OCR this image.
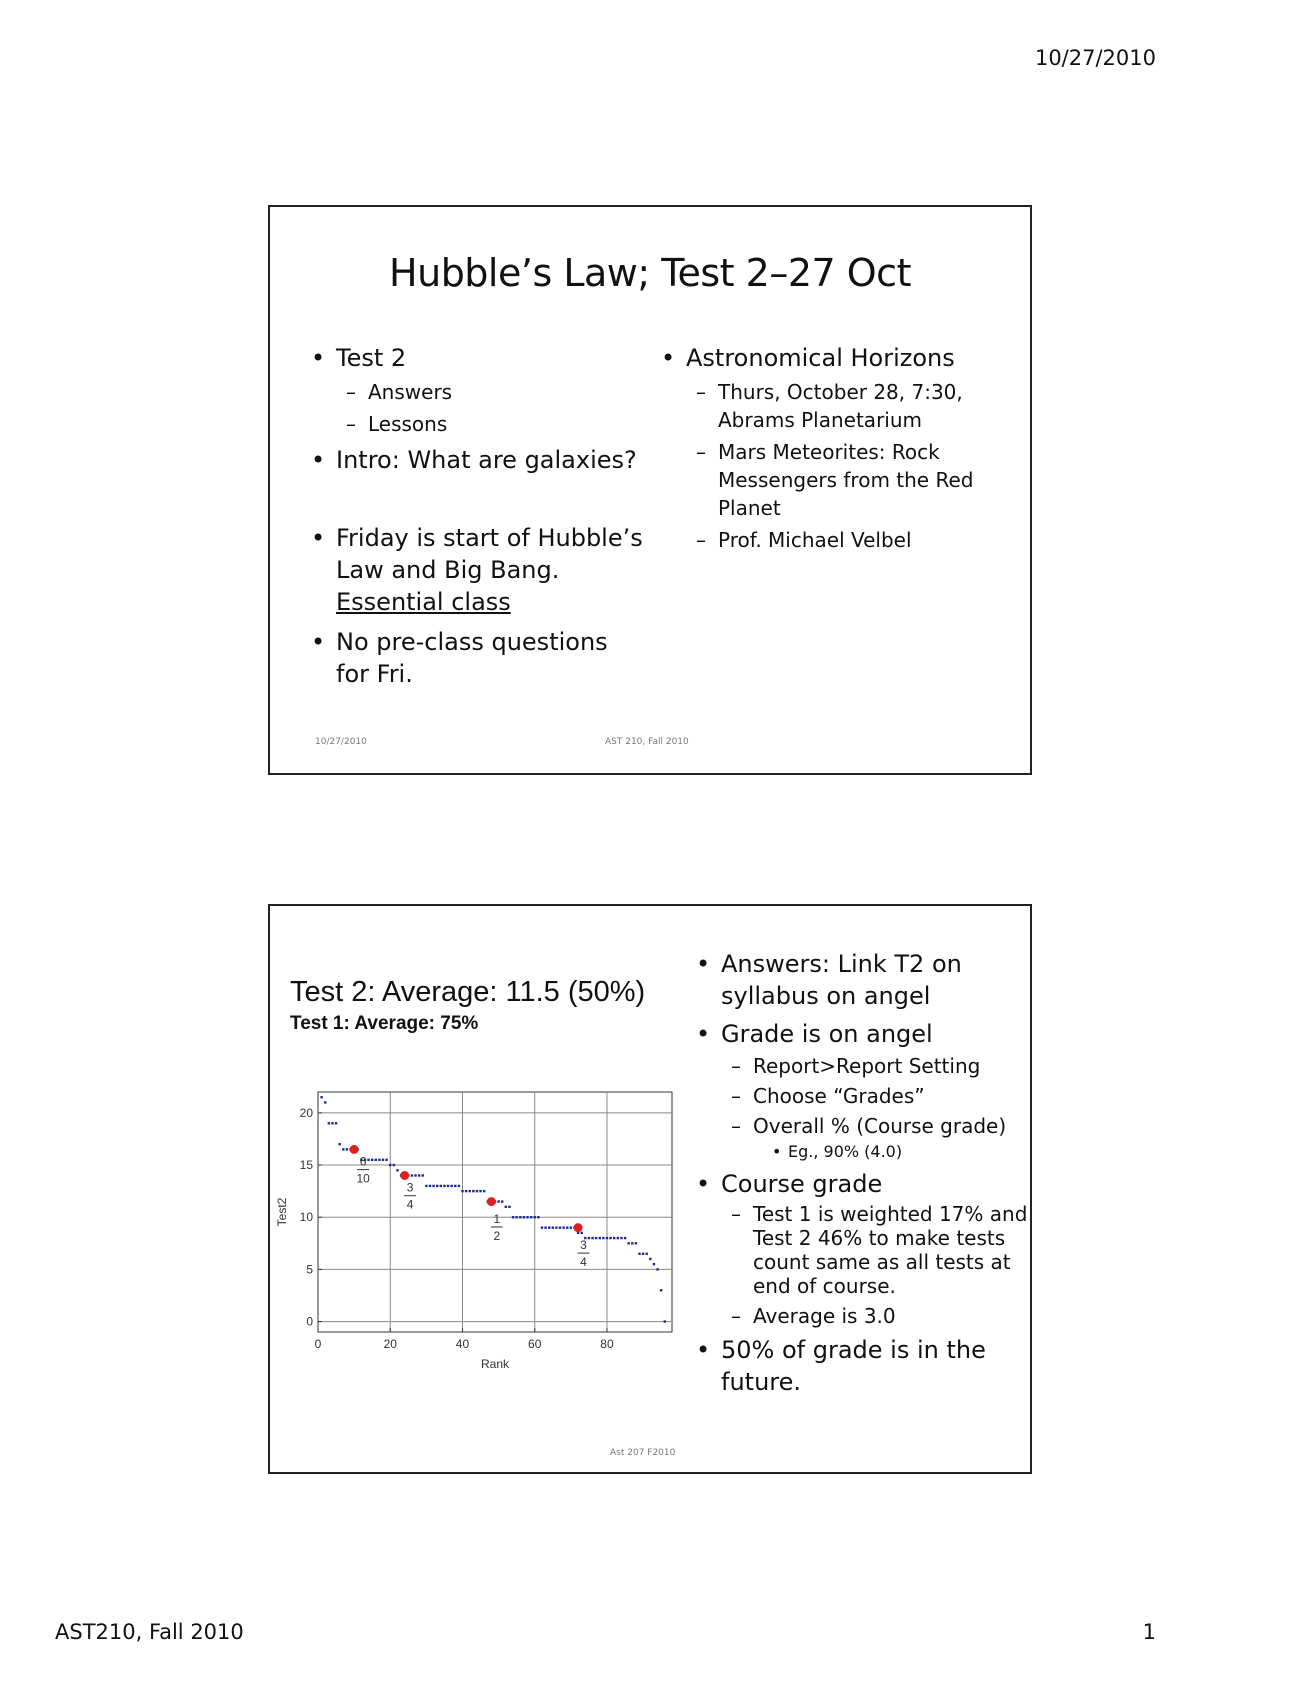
10/27/2010
Hubble’s Law; Test 2–27 Oct
• Test 2
– Answers
– Lessons
• Intro: What are galaxies?
• Friday is start of Hubble’s Law and Big Bang.
Essential class
• No pre-class questions for Fri.
• Astronomical Horizons
– Thurs, October 28, 7:30, Abrams Planetarium
– Mars Meteorites: Rock Messengers from the Red Planet
– Prof. Michael Velbel
10/27/2010	AST 210, Fall 2010
Test 2: Average: 11.5 (50%)
Test 1: Average: 75%
0	20	40	60	80
0
5
10
15
20
Rank
Test2
6
10
3
4
1
2
3
4
• Answers: Link T2 on syllabus on angel
• Grade is on angel
– Report>Report Setting
– Choose “Grades”
– Overall % (Course grade)
• Eg., 90% (4.0)
• Course grade
– Test 1 is weighted 17% and Test 2 46% to make tests count same as all tests at end of course.
– Average is 3.0
• 50% of grade is in the future.
Ast 207 F2010
AST210, Fall 2010	1
